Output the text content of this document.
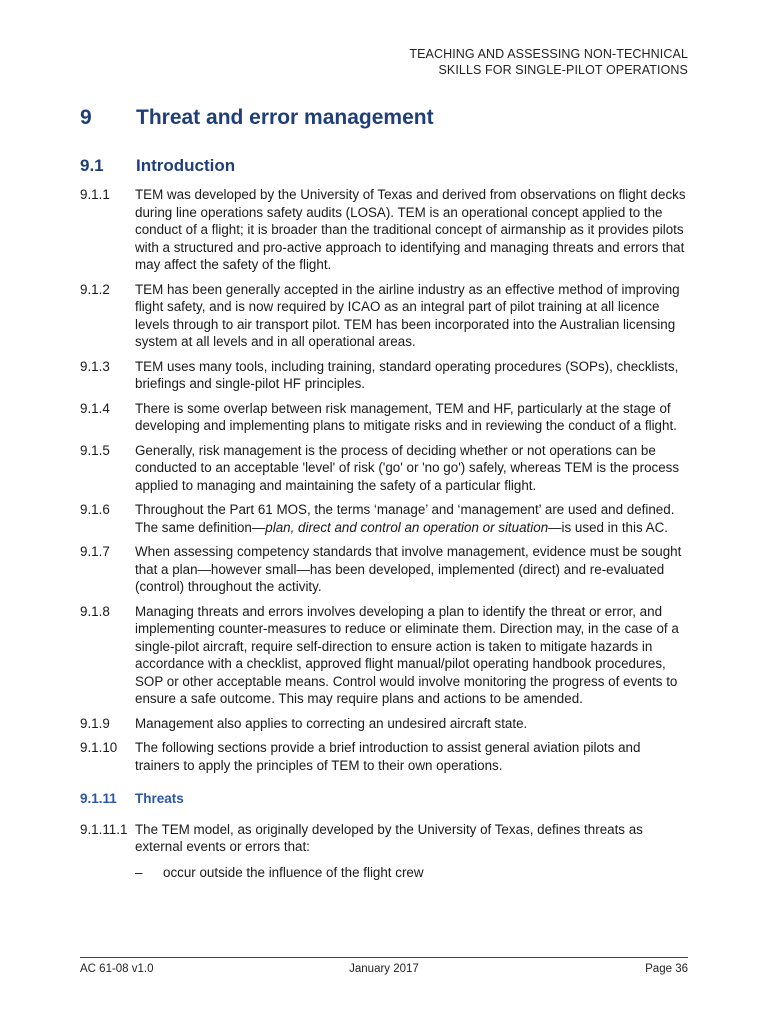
TEACHING AND ASSESSING NON-TECHNICAL
SKILLS FOR SINGLE-PILOT OPERATIONS
9 Threat and error management
9.1 Introduction
9.1.1	TEM was developed by the University of Texas and derived from observations on flight decks during line operations safety audits (LOSA). TEM is an operational concept applied to the conduct of a flight; it is broader than the traditional concept of airmanship as it provides pilots with a structured and pro-active approach to identifying and managing threats and errors that may affect the safety of the flight.
9.1.2	TEM has been generally accepted in the airline industry as an effective method of improving flight safety, and is now required by ICAO as an integral part of pilot training at all licence levels through to air transport pilot. TEM has been incorporated into the Australian licensing system at all levels and in all operational areas.
9.1.3	TEM uses many tools, including training, standard operating procedures (SOPs), checklists, briefings and single-pilot HF principles.
9.1.4	There is some overlap between risk management, TEM and HF, particularly at the stage of developing and implementing plans to mitigate risks and in reviewing the conduct of a flight.
9.1.5	Generally, risk management is the process of deciding whether or not operations can be conducted to an acceptable 'level' of risk ('go' or 'no go') safely, whereas TEM is the process applied to managing and maintaining the safety of a particular flight.
9.1.6	Throughout the Part 61 MOS, the terms ‘manage’ and ‘management’ are used and defined. The same definition—plan, direct and control an operation or situation—is used in this AC.
9.1.7	When assessing competency standards that involve management, evidence must be sought that a plan—however small—has been developed, implemented (direct) and re-evaluated (control) throughout the activity.
9.1.8	Managing threats and errors involves developing a plan to identify the threat or error, and implementing counter-measures to reduce or eliminate them. Direction may, in the case of a single-pilot aircraft, require self-direction to ensure action is taken to mitigate hazards in accordance with a checklist, approved flight manual/pilot operating handbook procedures, SOP or other acceptable means. Control would involve monitoring the progress of events to ensure a safe outcome. This may require plans and actions to be amended.
9.1.9	Management also applies to correcting an undesired aircraft state.
9.1.10	The following sections provide a brief introduction to assist general aviation pilots and trainers to apply the principles of TEM to their own operations.
9.1.11	Threats
9.1.11.1 The TEM model, as originally developed by the University of Texas, defines threats as external events or errors that:
–	occur outside the influence of the flight crew
AC 61-08 v1.0	January 2017	Page 36
